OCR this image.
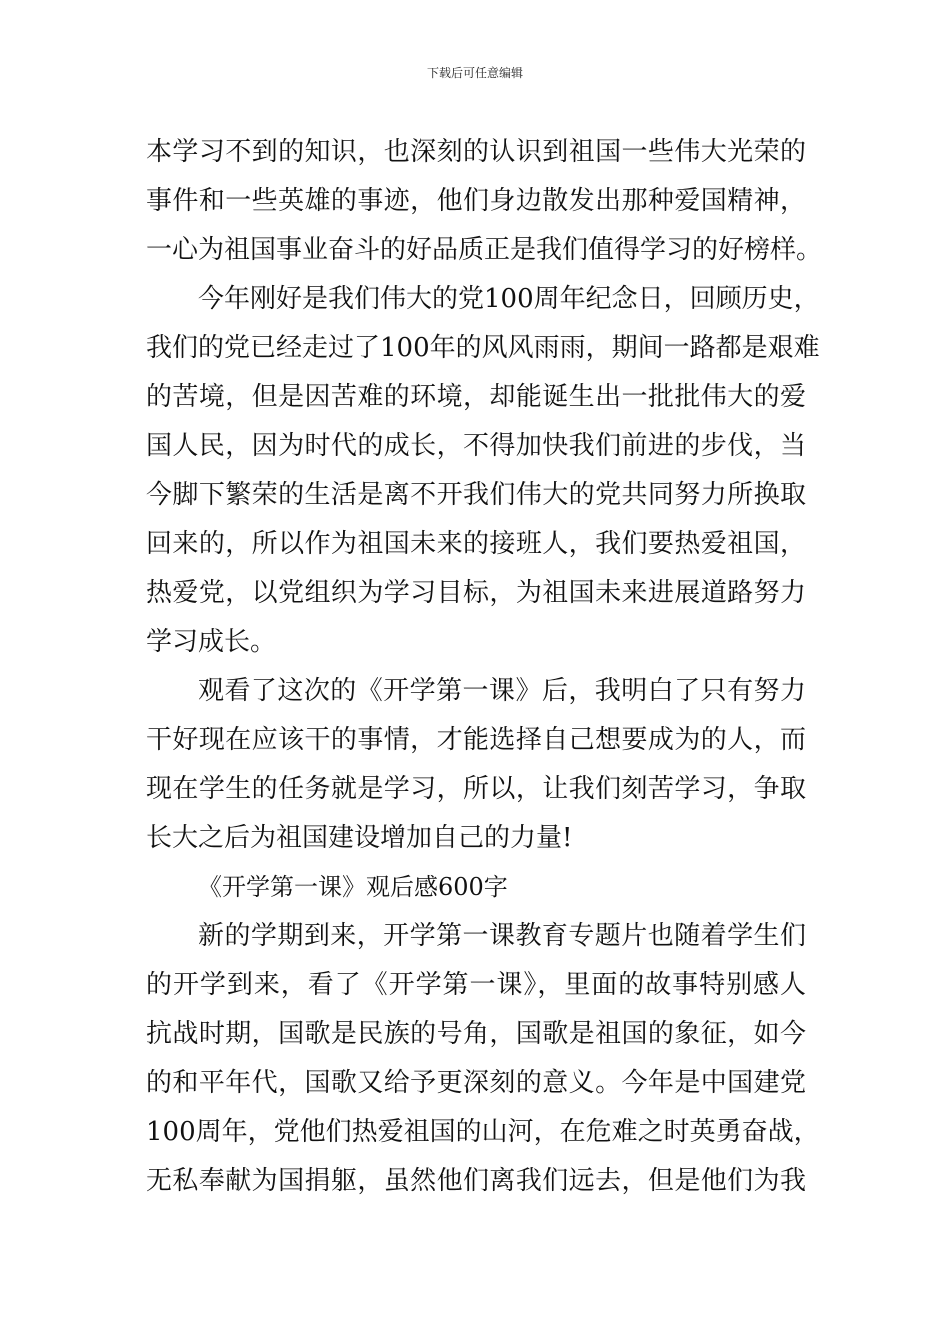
下载后可任意编辑
本学习不到的知识，也深刻的认识到祖国一些伟大光荣的
事件和一些英雄的事迹，他们身边散发出那种爱国精神，
一心为祖国事业奋斗的好品质正是我们值得学习的好榜样。
今年刚好是我们伟大的党100周年纪念日，回顾历史，
我们的党已经走过了100年的风风雨雨，期间一路都是艰难
的苦境，但是因苦难的环境，却能诞生出一批批伟大的爱
国人民，因为时代的成长，不得加快我们前进的步伐，当
今脚下繁荣的生活是离不开我们伟大的党共同努力所换取
回来的，所以作为祖国未来的接班人，我们要热爱祖国，
热爱党，以党组织为学习目标，为祖国未来进展道路努力
学习成长。
观看了这次的《开学第一课》后，我明白了只有努力
干好现在应该干的事情，才能选择自己想要成为的人，而
现在学生的任务就是学习，所以，让我们刻苦学习，争取
长大之后为祖国建设增加自己的力量!
《开学第一课》观后感600字
新的学期到来，开学第一课教育专题片也随着学生们
的开学到来，看了《开学第一课》，里面的故事特别感人
抗战时期，国歌是民族的号角，国歌是祖国的象征，如今
的和平年代，国歌又给予更深刻的意义。今年是中国建党
100周年，党他们热爱祖国的山河，在危难之时英勇奋战，
无私奉献为国捐躯，虽然他们离我们远去，但是他们为我
